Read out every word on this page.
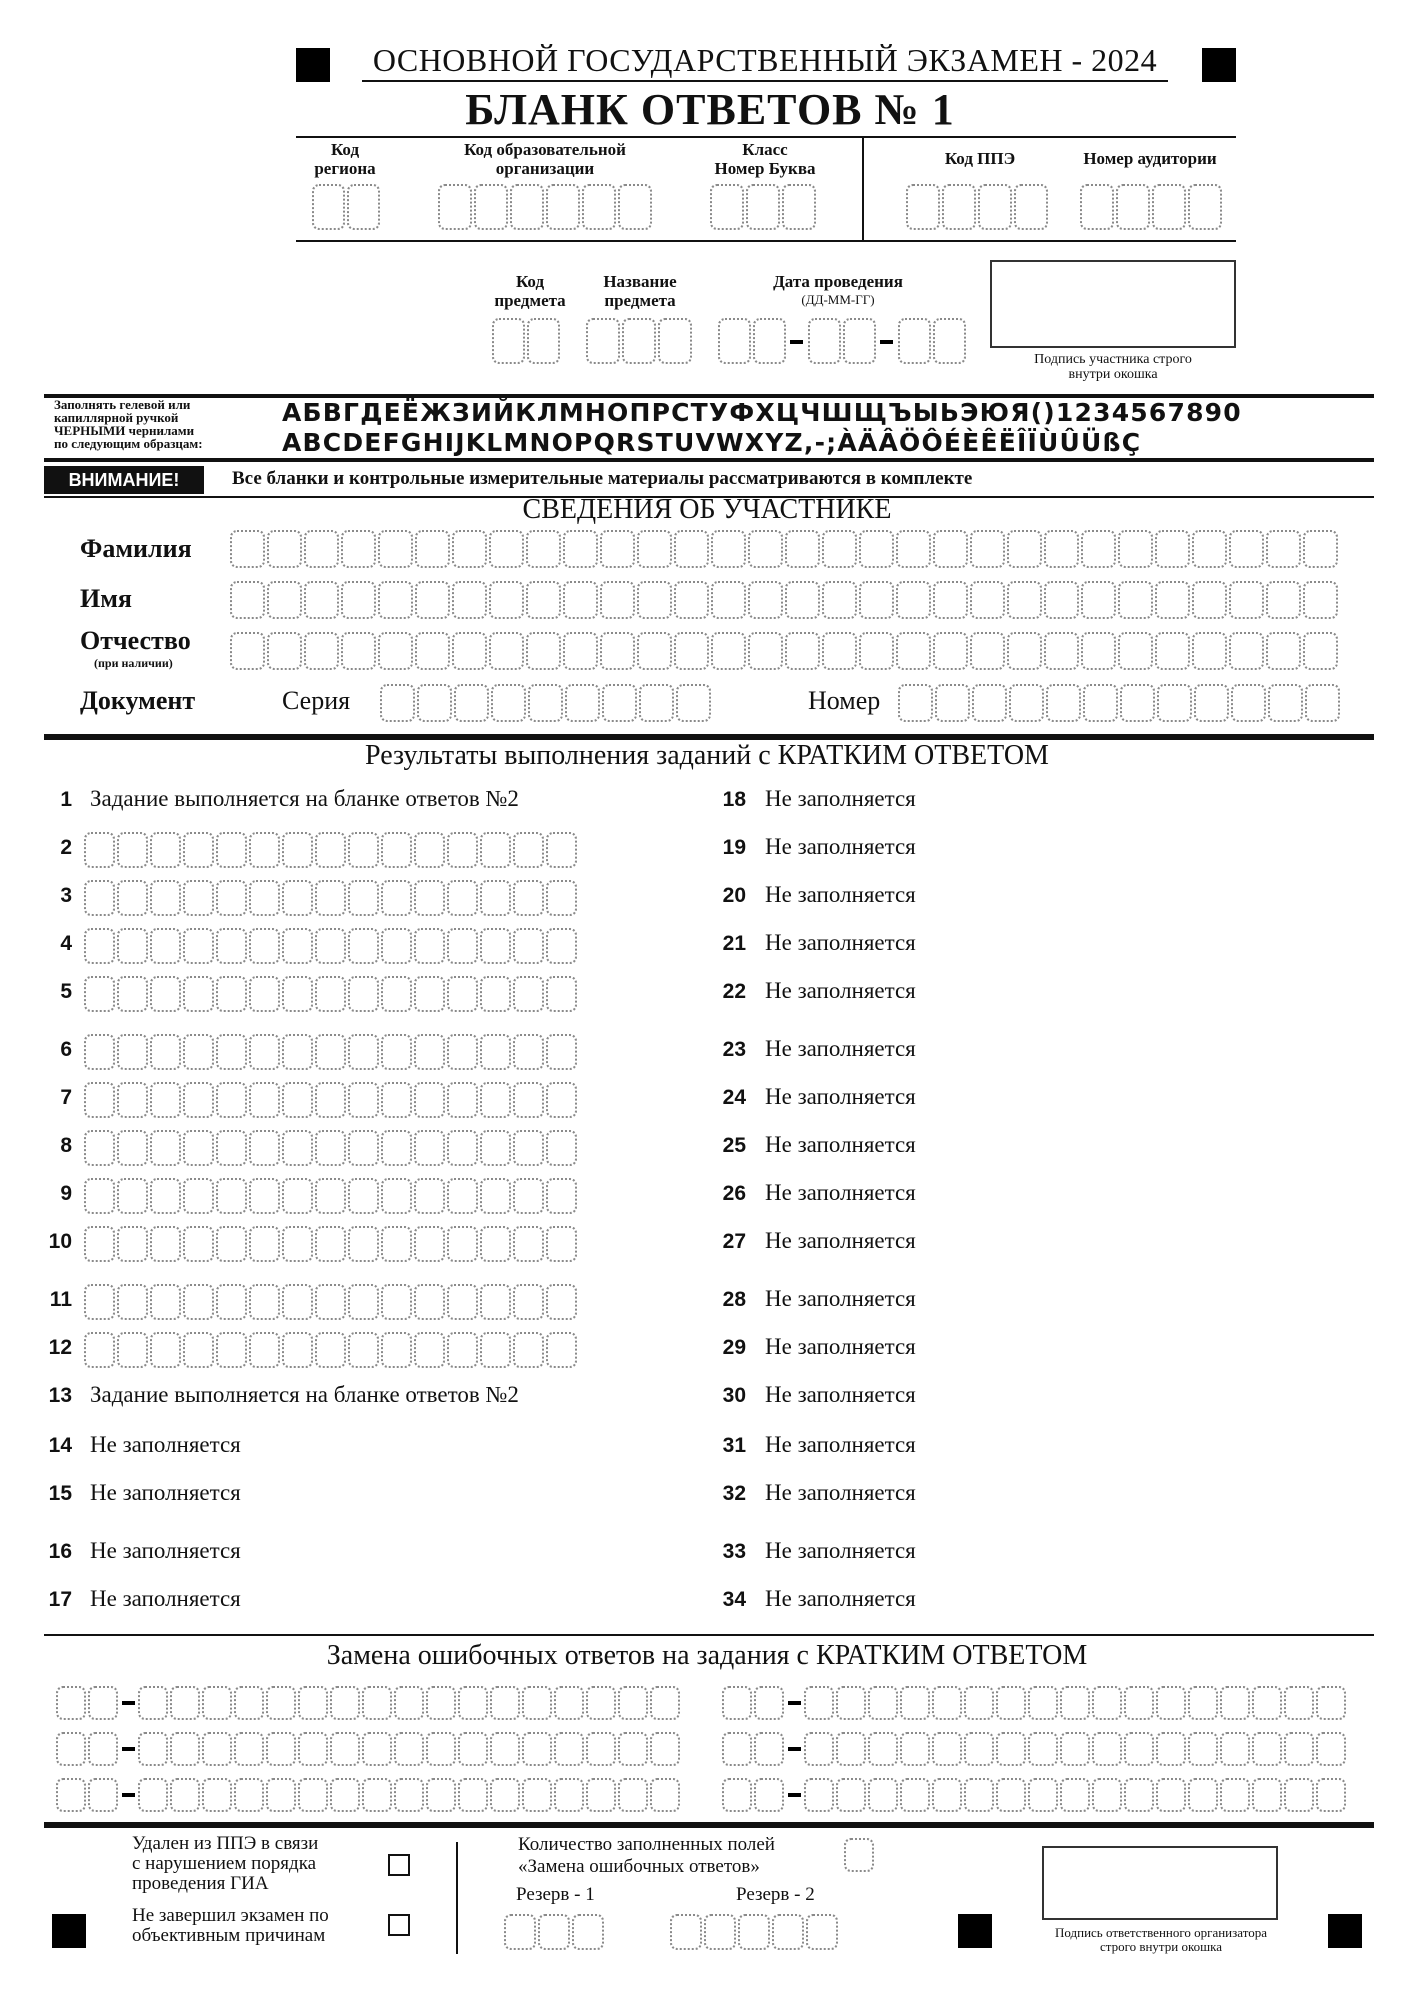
ОСНОВНОЙ ГОСУДАРСТВЕННЫЙ ЭКЗАМЕН - 2024
БЛАНК ОТВЕТОВ № 1
Код
региона
Код образовательной
организации
Класс
Номер Буква
Код ППЭ	Номер аудитории
Код
предмета
Название
предмета
Дата проведения
(ДД-ММ-ГГ)
Подпись участника строго
внутри окошка
Заполнять гелевой или
капиллярной ручкой
ЧЕРНЫМИ чернилами
по следующим образцам:
АБВГДЕЁЖЗИЙКЛМНОПРСТУФХЦЧШЩЪЫЬЭЮЯ()1234567890
ABCDEFGHIJKLMNOPQRSTUVWXYZ,-;ÀÄÂÖÔÉÈÊËÎÏÙÛÜßÇ
ВНИМАНИЕ!	Все бланки и контрольные измерительные материалы рассматриваются в комплекте
СВЕДЕНИЯ ОБ УЧАСТНИКЕ
Фамилия
Имя
Отчество
(при наличии)
Документ	Серия	Номер
Результаты выполнения заданий с КРАТКИМ ОТВЕТОМ
1 Задание выполняется на бланке ответов №2
2
3
4
5
6
7
8
9
10
11
12
13 Задание выполняется на бланке ответов №2
14 Не заполняется
15 Не заполняется
16 Не заполняется
17 Не заполняется
18 Не заполняется
19 Не заполняется
20 Не заполняется
21 Не заполняется
22 Не заполняется
23 Не заполняется
24 Не заполняется
25 Не заполняется
26 Не заполняется
27 Не заполняется
28 Не заполняется
29 Не заполняется
30 Не заполняется
31 Не заполняется
32 Не заполняется
33 Не заполняется
34 Не заполняется
Замена ошибочных ответов на задания с КРАТКИМ ОТВЕТОМ
Удален из ППЭ в связи
с нарушением порядка
проведения ГИА
Не завершил экзамен по
объективным причинам
Количество заполненных полей
«Замена ошибочных ответов»
Резерв - 1	Резерв - 2
Подпись ответственного организатора
строго внутри окошка
